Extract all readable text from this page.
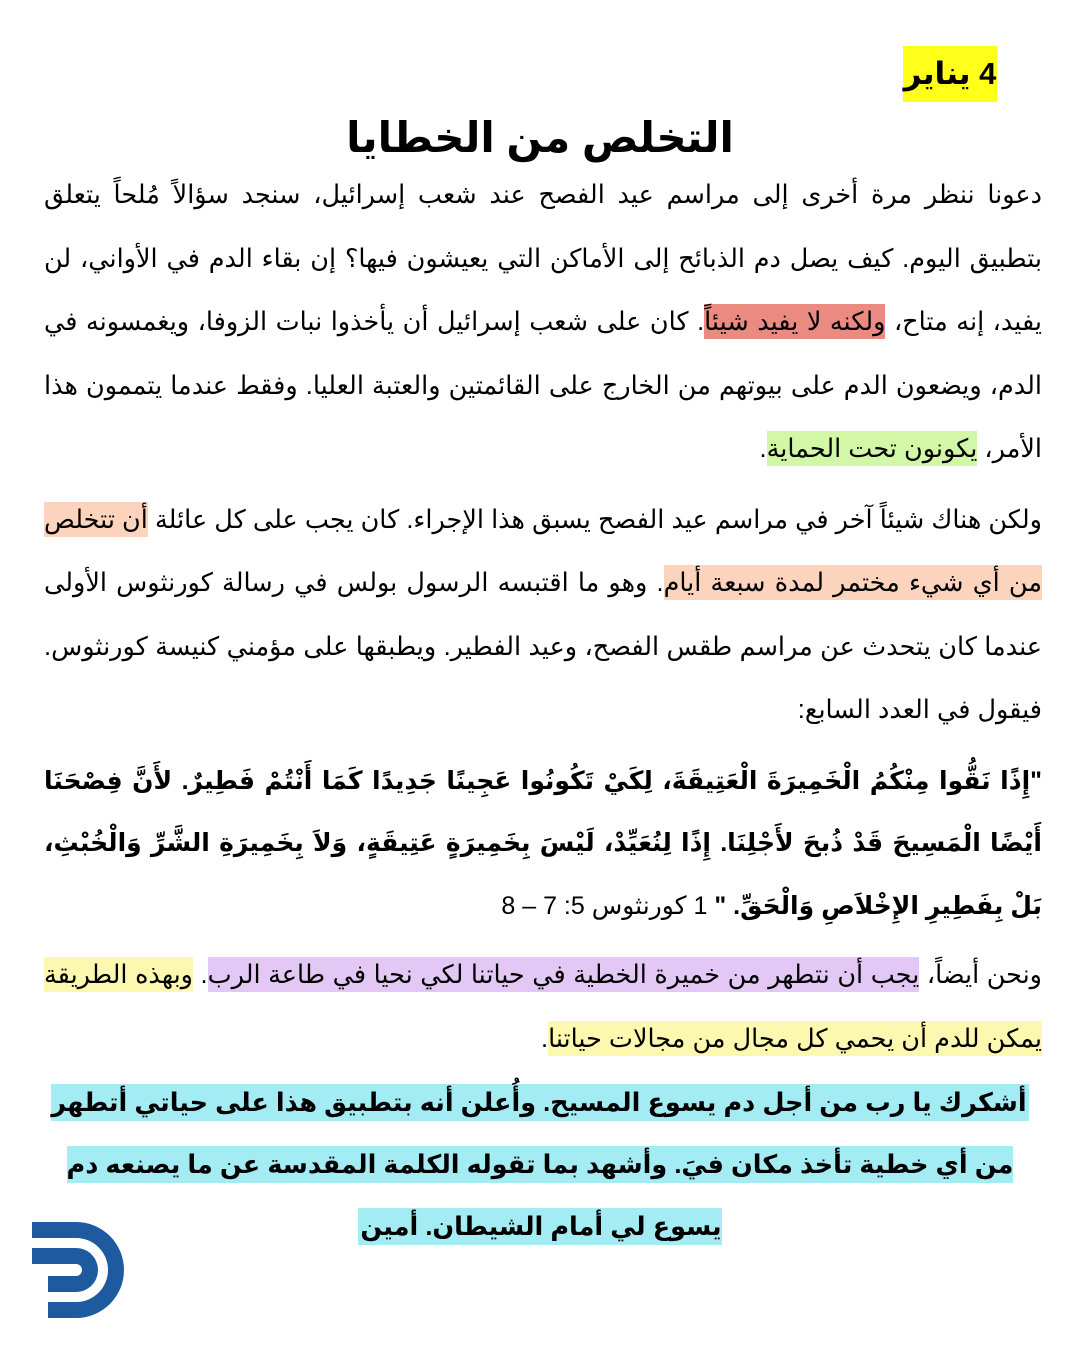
4 يناير
التخلص من الخطايا

دعونا ننظر مرة أخرى إلى مراسم عيد الفصح عند شعب إسرائيل، سنجد سؤالاً مُلحاً يتعلق بتطبيق اليوم. كيف يصل دم الذبائح إلى الأماكن التي يعيشون فيها؟ إن بقاء الدم في الأواني، لن يفيد، إنه متاح، ولكنه لا يفيد شيئاً. كان على شعب إسرائيل أن يأخذوا نبات الزوفا، ويغمسونه في الدم، ويضعون الدم على بيوتهم من الخارج على القائمتين والعتبة العليا. وفقط عندما يتممون هذا الأمر، يكونون تحت الحماية.

ولكن هناك شيئاً آخر في مراسم عيد الفصح يسبق هذا الإجراء. كان يجب على كل عائلة أن تتخلص من أي شيء مختمر لمدة سبعة أيام. وهو ما اقتبسه الرسول بولس في رسالة كورنثوس الأولى عندما كان يتحدث عن مراسم طقس الفصح، وعيد الفطير. ويطبقها على مؤمني كنيسة كورنثوس. فيقول في العدد السابع:

"إِذًا نَقُّوا مِنْكُمُ الْخَمِيرَةَ الْعَتِيقَةَ، لِكَيْ تَكُونُوا عَجِينًا جَدِيدًا كَمَا أَنْتُمْ فَطِيرٌ. لأَنَّ فِصْحَنَا أَيْضًا الْمَسِيحَ قَدْ ذُبحَ لأَجْلِنَا. إِذًا لِنُعَيِّدْ، لَيْسَ بِخَمِيرَةٍ عَتِيقَةٍ، وَلاَ بِخَمِيرَةِ الشَّرِّ وَالْخُبْثِ، بَلْ بِفَطِيرِ الإِخْلاَصِ وَالْحَقِّ. " 1 كورنثوس 5: 7 – 8

ونحن أيضاً، يجب أن نتطهر من خميرة الخطية في حياتنا لكي نحيا في طاعة الرب. وبهذه الطريقة يمكن للدم أن يحمي كل مجال من مجالات حياتنا.

أشكرك يا رب من أجل دم يسوع المسيح. وأُعلن أنه بتطبيق هذا على حياتي أتطهر من أي خطية تأخذ مكان فيَ. وأشهد بما تقوله الكلمة المقدسة عن ما يصنعه دم يسوع لي أمام الشيطان. أمين
